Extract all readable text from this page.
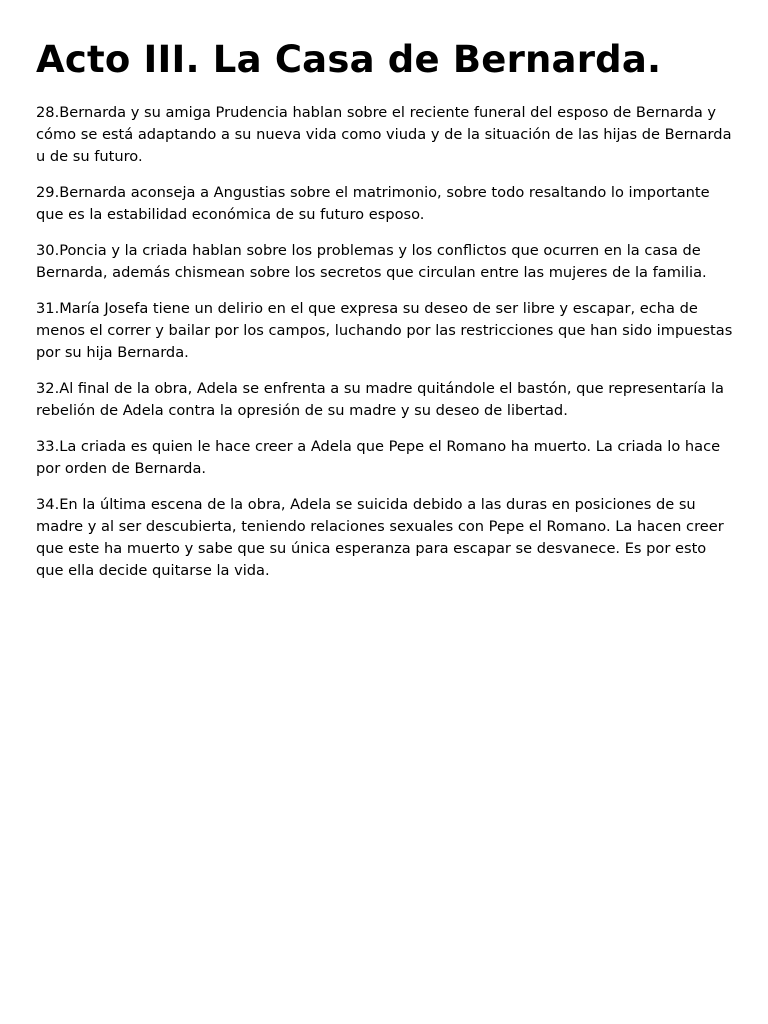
Acto III. La Casa de Bernarda.

28.Bernarda y su amiga Prudencia hablan sobre el reciente funeral del esposo de Bernarda y cómo se está adaptando a su nueva vida como viuda y de la situación de las hijas de Bernarda u de su futuro.

29.Bernarda aconseja a Angustias sobre el matrimonio, sobre todo resaltando lo importante que es la estabilidad económica de su futuro esposo.

30.Poncia y la criada hablan sobre los problemas y los conflictos que ocurren en la casa de Bernarda, además chismean sobre los secretos que circulan entre las mujeres de la familia.

31.María Josefa tiene un delirio en el que expresa su deseo de ser libre y escapar, echa de menos el correr y bailar por los campos, luchando por las restricciones que han sido impuestas por su hija Bernarda.

32.Al final de la obra, Adela se enfrenta a su madre quitándole el bastón, que representaría la rebelión de Adela contra la opresión de su madre y su deseo de libertad.

33.La criada es quien le hace creer a Adela que Pepe el Romano ha muerto. La criada lo hace por orden de Bernarda.

34.En la última escena de la obra, Adela se suicida debido a las duras en posiciones de su madre y al ser descubierta, teniendo relaciones sexuales con Pepe el Romano. La hacen creer que este ha muerto y sabe que su única esperanza para escapar se desvanece. Es por esto que ella decide quitarse la vida.
